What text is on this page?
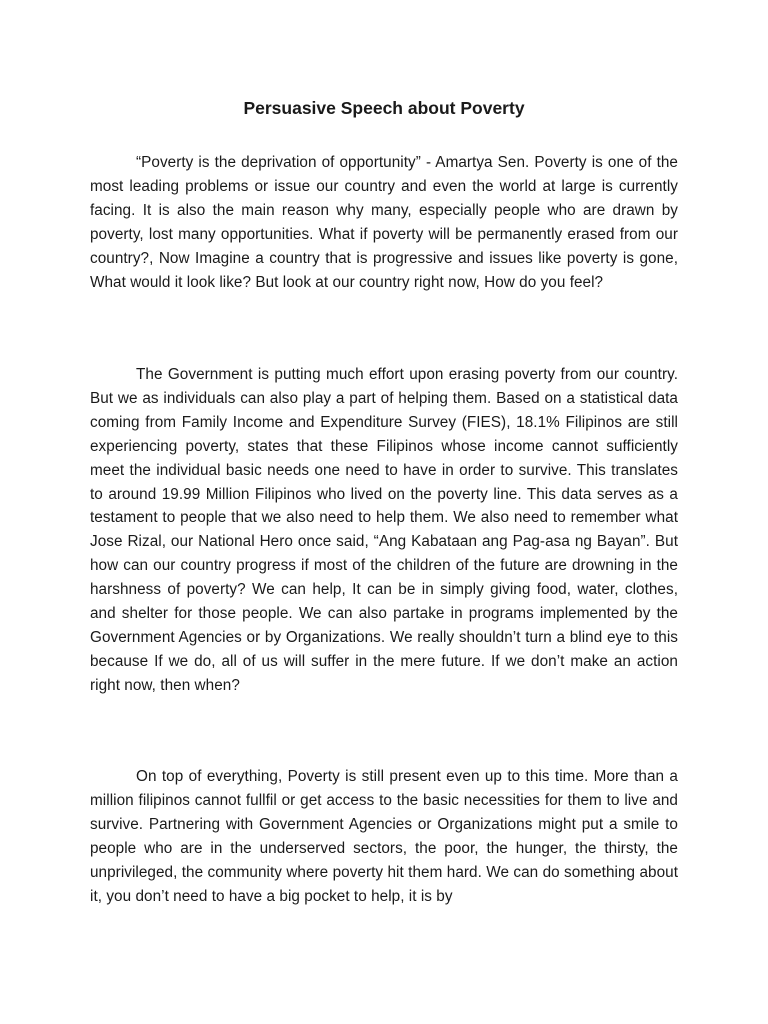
Persuasive Speech about Poverty

“Poverty is the deprivation of opportunity” - Amartya Sen. Poverty is one of the most leading problems or issue our country and even the world at large is currently facing. It is also the main reason why many, especially people who are drawn by poverty, lost many opportunities. What if poverty will be permanently erased from our country?, Now Imagine a country that is progressive and issues like poverty is gone, What would it look like? But look at our country right now, How do you feel?

The Government is putting much effort upon erasing poverty from our country. But we as individuals can also play a part of helping them. Based on a statistical data coming from Family Income and Expenditure Survey (FIES), 18.1% Filipinos are still experiencing poverty, states that these Filipinos whose income cannot sufficiently meet the individual basic needs one need to have in order to survive. This translates to around 19.99 Million Filipinos who lived on the poverty line. This data serves as a testament to people that we also need to help them. We also need to remember what Jose Rizal, our National Hero once said, “Ang Kabataan ang Pag-asa ng Bayan”. But how can our country progress if most of the children of the future are drowning in the harshness of poverty? We can help, It can be in simply giving food, water, clothes, and shelter for those people. We can also partake in programs implemented by the Government Agencies or by Organizations. We really shouldn’t turn a blind eye to this because If we do, all of us will suffer in the mere future. If we don’t make an action right now, then when?

On top of everything, Poverty is still present even up to this time. More than a million filipinos cannot fullfil or get access to the basic necessities for them to live and survive. Partnering with Government Agencies or Organizations might put a smile to people who are in the underserved sectors, the poor, the hunger, the thirsty, the unprivileged, the community where poverty hit them hard. We can do something about it, you don’t need to have a big pocket to help, it is by
